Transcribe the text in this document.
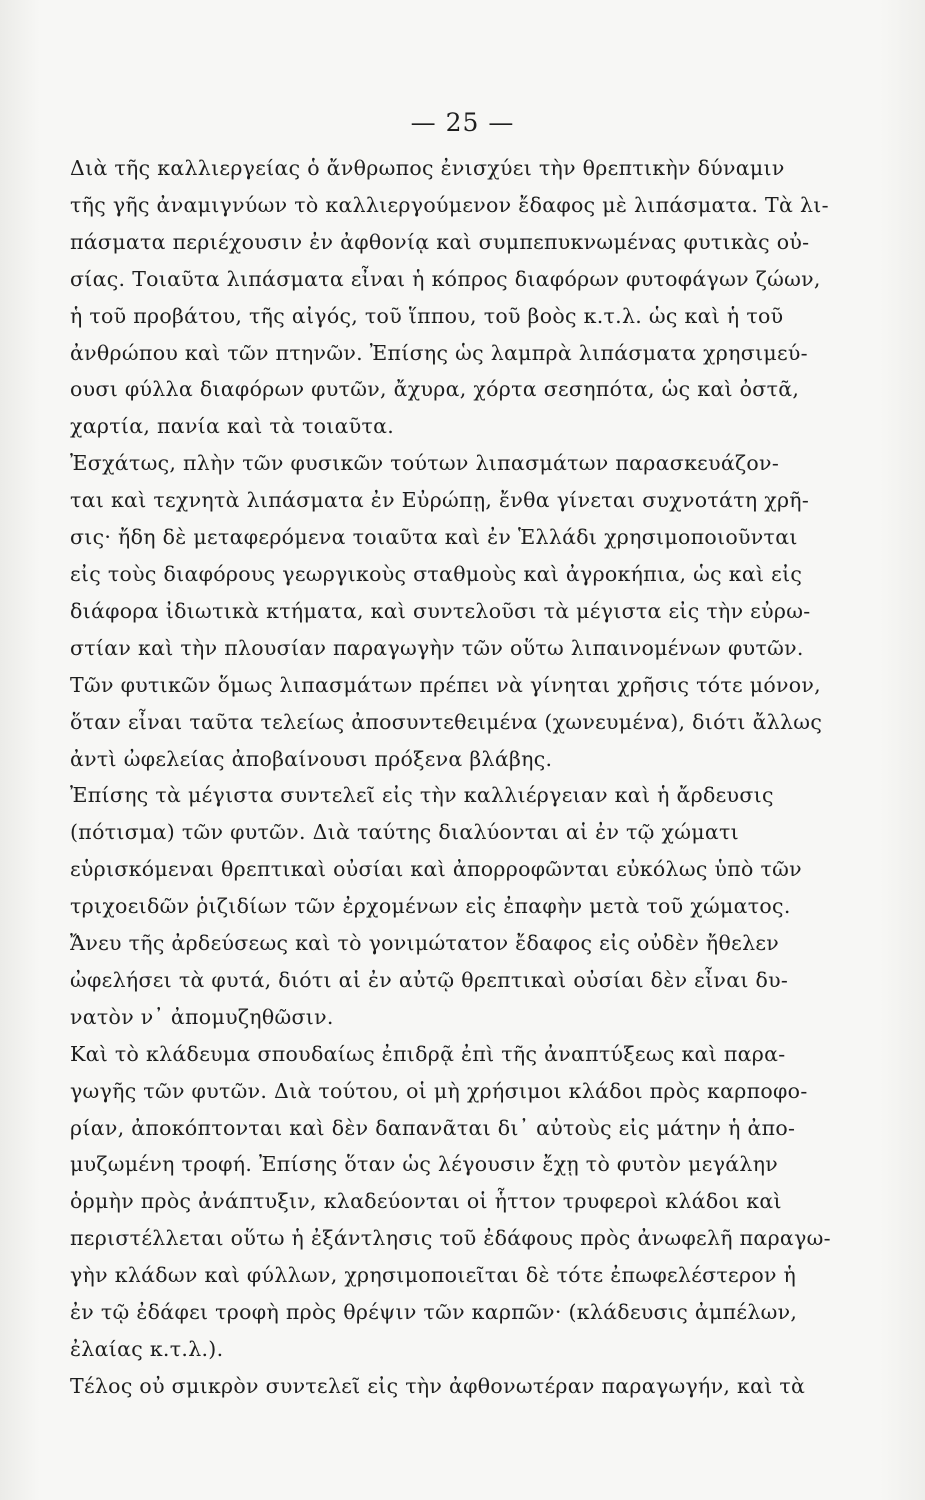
— 25 —

Διὰ τῆς καλλιεργείας ὁ ἄνθρωπος ἐνισχύει τὴν θρεπτικὴν δύναμιν
τῆς γῆς ἀναμιγνύων τὸ καλλιεργούμενον ἔδαφος μὲ λιπάσματα. Τὰ λι-
πάσματα περιέχουσιν ἐν ἀφθονίᾳ καὶ συμπεπυκνωμένας φυτικὰς οὐ-
σίας. Τοιαῦτα λιπάσματα εἶναι ἡ κόπρος διαφόρων φυτοφάγων ζώων,
ἡ τοῦ προβάτου, τῆς αἰγός, τοῦ ἵππου, τοῦ βοὸς κ.τ.λ. ὡς καὶ ἡ τοῦ
ἀνθρώπου καὶ τῶν πτηνῶν. Ἐπίσης ὡς λαμπρὰ λιπάσματα χρησιμεύ-
ουσι φύλλα διαφόρων φυτῶν, ἄχυρα, χόρτα σεσηπότα, ὡς καὶ ὀστᾶ,
χαρτία, πανία καὶ τὰ τοιαῦτα.

Ἐσχάτως, πλὴν τῶν φυσικῶν τούτων λιπασμάτων παρασκευάζον-
ται καὶ τεχνητὰ λιπάσματα ἐν Εὐρώπῃ, ἔνθα γίνεται συχνοτάτη χρῆ-
σις· ἤδη δὲ μεταφερόμενα τοιαῦτα καὶ ἐν Ἑλλάδι χρησιμοποιοῦνται
εἰς τοὺς διαφόρους γεωργικοὺς σταθμοὺς καὶ ἀγροκήπια, ὡς καὶ εἰς
διάφορα ἰδιωτικὰ κτήματα, καὶ συντελοῦσι τὰ μέγιστα εἰς τὴν εὐρω-
στίαν καὶ τὴν πλουσίαν παραγωγὴν τῶν οὕτω λιπαινομένων φυτῶν.

Τῶν φυτικῶν ὅμως λιπασμάτων πρέπει νὰ γίνηται χρῆσις τότε μόνον,
ὅταν εἶναι ταῦτα τελείως ἀποσυντεθειμένα (χωνευμένα), διότι ἄλλως
ἀντὶ ὠφελείας ἀποβαίνουσι πρόξενα βλάβης.

Ἐπίσης τὰ μέγιστα συντελεῖ εἰς τὴν καλλιέργειαν καὶ ἡ ἄρδευσις
(πότισμα) τῶν φυτῶν. Διὰ ταύτης διαλύονται αἱ ἐν τῷ χώματι
εὑρισκόμεναι θρεπτικαὶ οὐσίαι καὶ ἀπορροφῶνται εὐκόλως ὑπὸ τῶν
τριχοειδῶν ῥιζιδίων τῶν ἐρχομένων εἰς ἐπαφὴν μετὰ τοῦ χώματος.
Ἄνευ τῆς ἀρδεύσεως καὶ τὸ γονιμώτατον ἔδαφος εἰς οὐδὲν ἤθελεν
ὠφελήσει τὰ φυτά, διότι αἱ ἐν αὐτῷ θρεπτικαὶ οὐσίαι δὲν εἶναι δυ-
νατὸν ν᾿ ἀπομυζηθῶσιν.

Καὶ τὸ κλάδευμα σπουδαίως ἐπιδρᾷ ἐπὶ τῆς ἀναπτύξεως καὶ παρα-
γωγῆς τῶν φυτῶν. Διὰ τούτου, οἱ μὴ χρήσιμοι κλάδοι πρὸς καρποφο-
ρίαν, ἀποκόπτονται καὶ δὲν δαπανᾶται δι᾿ αὐτοὺς εἰς μάτην ἡ ἀπο-
μυζωμένη τροφή. Ἐπίσης ὅταν ὡς λέγουσιν ἔχῃ τὸ φυτὸν μεγάλην
ὁρμὴν πρὸς ἀνάπτυξιν, κλαδεύονται οἱ ἧττον τρυφεροὶ κλάδοι καὶ
περιστέλλεται οὕτω ἡ ἐξάντλησις τοῦ ἐδάφους πρὸς ἀνωφελῆ παραγω-
γὴν κλάδων καὶ φύλλων, χρησιμοποιεῖται δὲ τότε ἐπωφελέστερον ἡ
ἐν τῷ ἐδάφει τροφὴ πρὸς θρέψιν τῶν καρπῶν· (κλάδευσις ἀμπέλων,
ἐλαίας κ.τ.λ.).

Τέλος οὐ σμικρὸν συντελεῖ εἰς τὴν ἀφθονωτέραν παραγωγήν, καὶ τὰ
